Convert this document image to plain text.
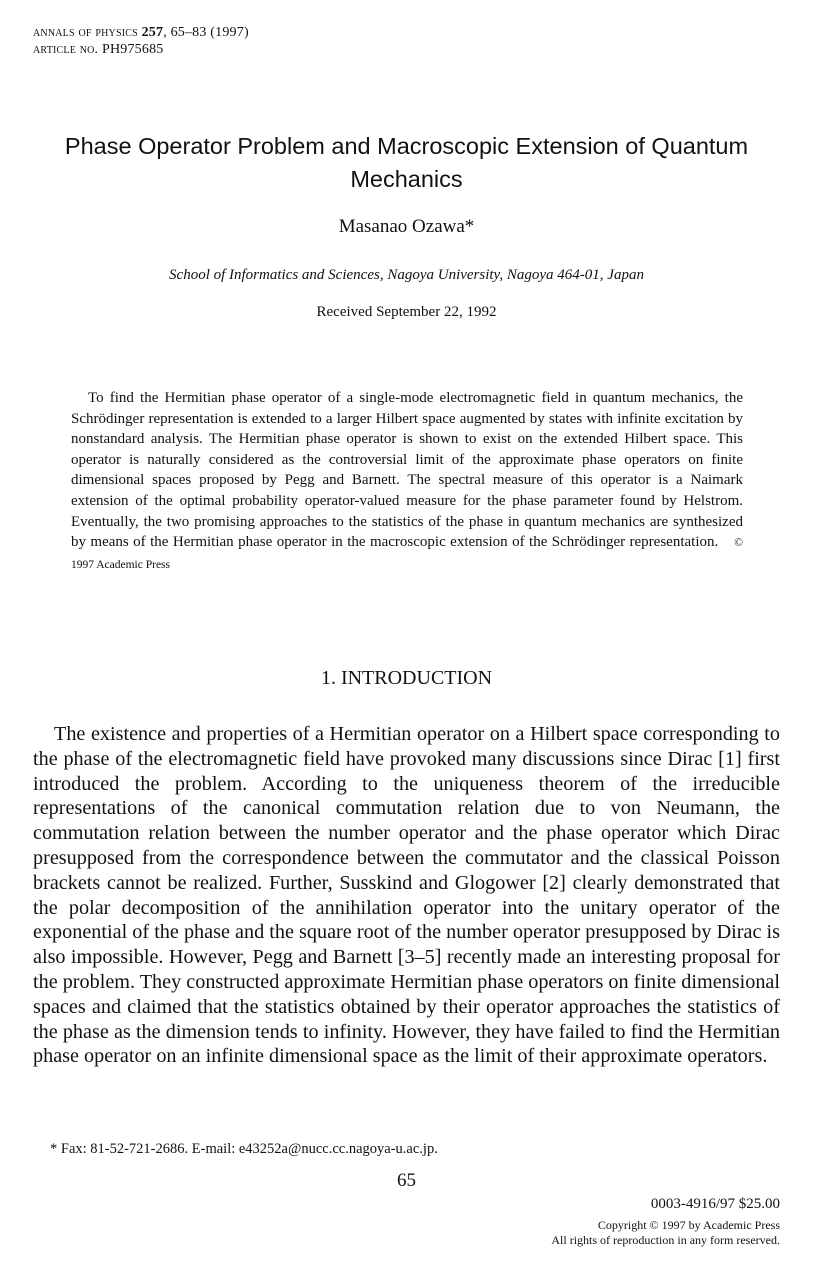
annals of physics 257, 65–83 (1997)
article no. PH975685
Phase Operator Problem and Macroscopic Extension of Quantum Mechanics
Masanao Ozawa*
School of Informatics and Sciences, Nagoya University, Nagoya 464-01, Japan
Received September 22, 1992

To find the Hermitian phase operator of a single-mode electromagnetic field in quantum mechanics, the Schrödinger representation is extended to a larger Hilbert space augmented by states with infinite excitation by nonstandard analysis. The Hermitian phase operator is shown to exist on the extended Hilbert space. This operator is naturally considered as the controversial limit of the approximate phase operators on finite dimensional spaces proposed by Pegg and Barnett. The spectral measure of this operator is a Naimark extension of the optimal probability operator-valued measure for the phase parameter found by Helstrom. Eventually, the two promising approaches to the statistics of the phase in quantum mechanics are synthesized by means of the Hermitian phase operator in the macroscopic extension of the Schrödinger representation. © 1997 Academic Press

1. INTRODUCTION

The existence and properties of a Hermitian operator on a Hilbert space corresponding to the phase of the electromagnetic field have provoked many discussions since Dirac [1] first introduced the problem. According to the uniqueness theorem of the irreducible representations of the canonical commutation relation due to von Neumann, the commutation relation between the number operator and the phase operator which Dirac presupposed from the correspondence between the commutator and the classical Poisson brackets cannot be realized. Further, Susskind and Glogower [2] clearly demonstrated that the polar decomposition of the annihilation operator into the unitary operator of the exponential of the phase and the square root of the number operator presupposed by Dirac is also impossible. However, Pegg and Barnett [3–5] recently made an interesting proposal for the problem. They constructed approximate Hermitian phase operators on finite dimensional spaces and claimed that the statistics obtained by their operator approaches the statistics of the phase as the dimension tends to infinity. However, they have failed to find the Hermitian phase operator on an infinite dimensional space as the limit of their approximate operators.

* Fax: 81-52-721-2686. E-mail: e43252a@nucc.cc.nagoya-u.ac.jp.
65
0003-4916/97 $25.00
Copyright © 1997 by Academic Press
All rights of reproduction in any form reserved.
